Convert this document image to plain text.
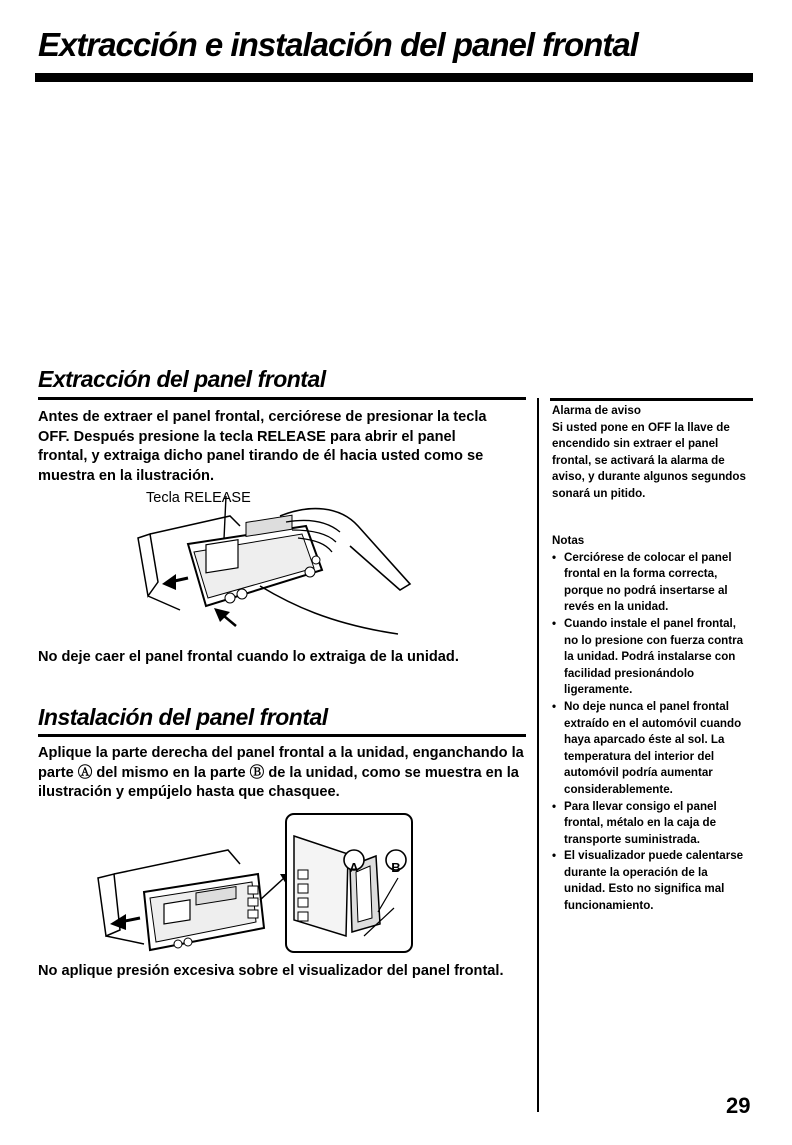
Extracción e instalación del panel frontal
Extracción del panel frontal
Antes de extraer el panel frontal, cerciórese de presionar la tecla OFF. Después presione la tecla RELEASE para abrir el panel frontal, y extraiga dicho panel tirando de él hacia usted como se muestra en la ilustración.
Tecla RELEASE
No deje caer el panel frontal cuando lo extraiga de la unidad.
Instalación del panel frontal
Aplique la parte derecha del panel frontal a la unidad, enganchando la parte Ⓐ del mismo en la parte Ⓑ de la unidad, como se muestra en la ilustración y empújelo hasta que chasquee.
A	B
No aplique presión excesiva sobre el visualizador del panel frontal.
Alarma de aviso
Si usted pone en OFF la llave de encendido sin extraer el panel frontal, se activará la alarma de aviso, y durante algunos segundos sonará un pitido.
Notas
• Cerciórese de colocar el panel frontal en la forma correcta, porque no podrá insertarse al revés en la unidad.
• Cuando instale el panel frontal, no lo presione con fuerza contra la unidad. Podrá instalarse con facilidad presionándolo ligeramente.
• No deje nunca el panel frontal extraído en el automóvil cuando haya aparcado éste al sol. La temperatura del interior del automóvil podría aumentar considerablemente.
• Para llevar consigo el panel frontal, métalo en la caja de transporte suministrada.
• El visualizador puede calentarse durante la operación de la unidad. Esto no significa mal funcionamiento.
29
